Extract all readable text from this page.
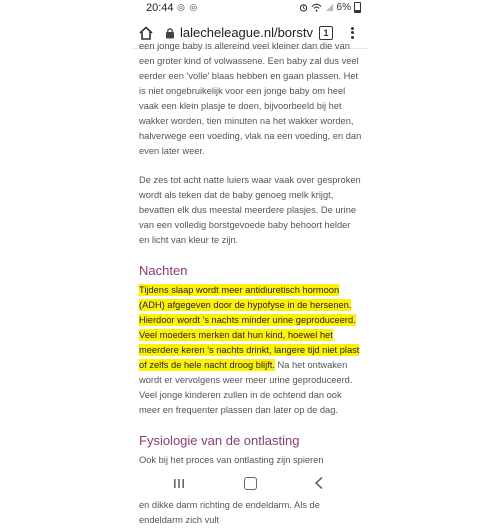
20:44 ◎ ◎	6%
lalecheleague.nl/borstv	1

een jonge baby is allereind veel kleiner dan die van een groter kind of volwassene. Een baby zal dus veel eerder een 'volle' blaas hebben en gaan plassen. Het is niet ongebruikelijk voor een jonge baby om heel vaak een klein plasje te doen, bijvoorbeeld bij het wakker worden, tien minuten na het wakker worden, halverwege een voeding, vlak na een voeding, en dan even later weer.

De zes tot acht natte luiers waar vaak over gesproken wordt als teken dat de baby genoeg melk krijgt, bevatten elk dus meestal meerdere plasjes. De urine van een volledig borstgevoede baby behoort helder en licht van kleur te zijn.

Nachten

Tijdens slaap wordt meer antidiuretisch hormoon (ADH) afgegeven door de hypofyse in de hersenen. Hierdoor wordt 's nachts minder urine geproduceerd. Veel moeders merken dat hun kind, hoewel het meerdere keren 's nachts drinkt, langere tijd niet plast of zelfs de hele nacht droog blijft. Na het ontwaken wordt er vervolgens weer meer urine geproduceerd. Veel jonge kinderen zullen in de ochtend dan ook meer en frequenter plassen dan later op de dag.

Fysiologie van de ontlasting

Ook bij het proces van ontlasting zijn spieren en dikke darm richting de endeldarm. Als de endeldarm zich vult
